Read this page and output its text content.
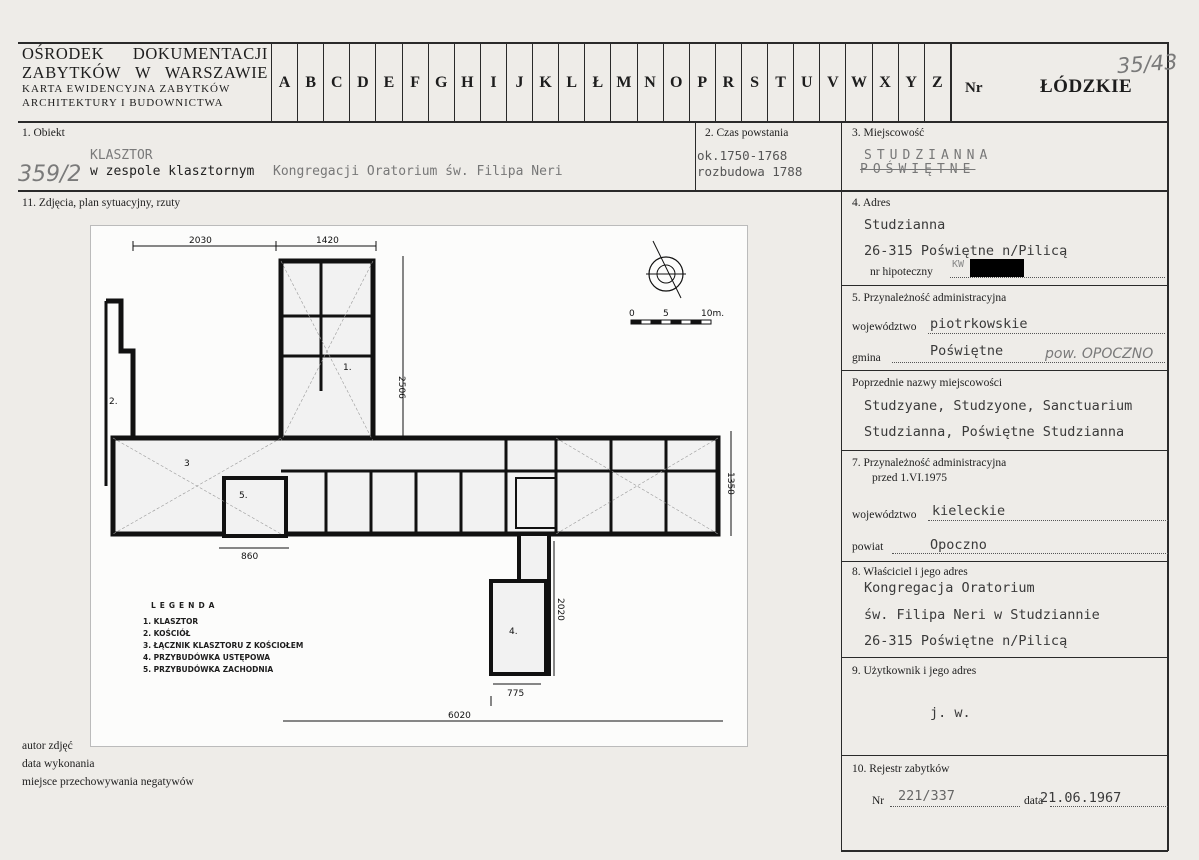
OŚRODEK DOKUMENTACJI
ZABYTKÓW W WARSZAWIE
KARTA EWIDENCYJNA ZABYTKÓW
ARCHITEKTURY I BUDOWNICTWA
A B C D E F G H	I	J K L Ł M N O P R S	T U V W X Y Z	Nr	ŁÓDZKIE
35/43
1. Obiekt
359/2
KLASZTOR
w zespole klasztornym Kongregacji Oratorium św. Filipa Neri
2. Czas powstania
ok.1750-1768
rozbudowa 1788
3. Miejscowość
STUDZIANNA
POŚWIĘTNE
11. Zdjęcia, plan sytuacyjny, rzuty
2030	1420
2506
1350
860
2020
775
6020
0	5	10m.
1.
2.
3
4.
5.
LEGENDA
1. KLASZTOR
2. KOŚCIÓŁ
3. ŁĄCZNIK KLASZTORU Z KOŚCIOŁEM
4. PRZYBUDÓWKA USTĘPOWA
5. PRZYBUDÓWKA ZACHODNIA
autor zdjęć
data wykonania
miejsce przechowywania negatywów
4. Adres
Studzianna
26-315 Poświętne n/Pilicą
nr hipoteczny
KW
5. Przynależność administracyjna
województwo piotrkowskie
gmina	Poświętne	pow. OPOCZNO
Poprzednie nazwy miejscowości
Studzyane, Studzyone, Sanctuarium
Studzianna, Poświętne Studzianna
7. Przynależność administracyjna
przed 1.VI.1975
województwo kieleckie
powiat	Opoczno
8. Właściciel i jego adres
Kongregacja Oratorium
św. Filipa Neri w Studziannie
26-315 Poświętne n/Pilicą
9. Użytkownik i jego adres
j. w.
10. Rejestr zabytków
Nr 221/337	data
21.06.1967
